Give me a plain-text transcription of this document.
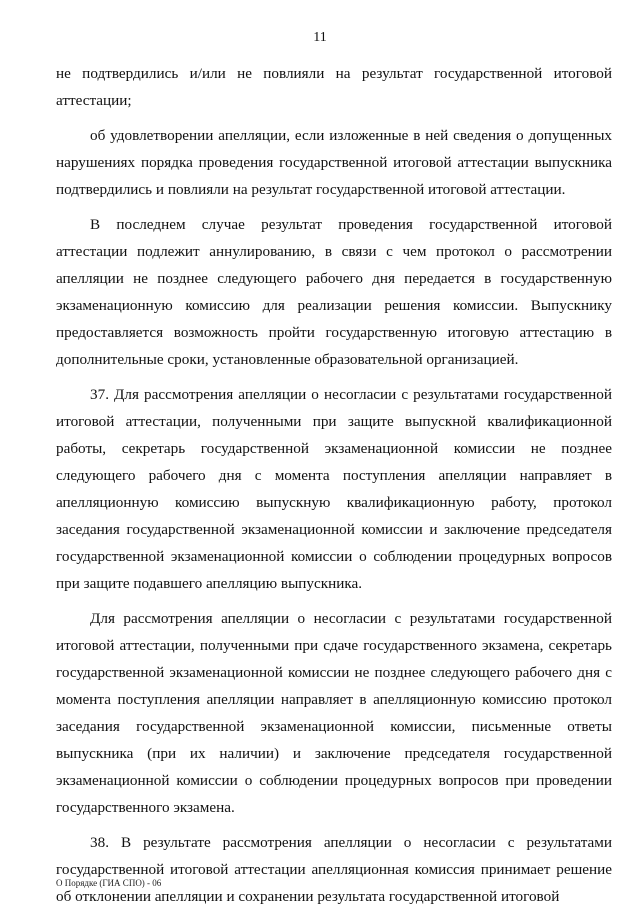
11

не подтвердились и/или не повлияли на результат государственной итоговой аттестации;

об удовлетворении апелляции, если изложенные в ней сведения о допущенных нарушениях порядка проведения государственной итоговой аттестации выпускника подтвердились и повлияли на результат государственной итоговой аттестации.

В последнем случае результат проведения государственной итоговой аттестации подлежит аннулированию, в связи с чем протокол о рассмотрении апелляции не позднее следующего рабочего дня передается в государственную экзаменационную комиссию для реализации решения комиссии. Выпускнику предоставляется возможность пройти государственную итоговую аттестацию в дополнительные сроки, установленные образовательной организацией.

37. Для рассмотрения апелляции о несогласии с результатами государственной итоговой аттестации, полученными при защите выпускной квалификационной работы, секретарь государственной экзаменационной комиссии не позднее следующего рабочего дня с момента поступления апелляции направляет в апелляционную комиссию выпускную квалификационную работу, протокол заседания государственной экзаменационной комиссии и заключение председателя государственной экзаменационной комиссии о соблюдении процедурных вопросов при защите подавшего апелляцию выпускника.

Для рассмотрения апелляции о несогласии с результатами государственной итоговой аттестации, полученными при сдаче государственного экзамена, секретарь государственной экзаменационной комиссии не позднее следующего рабочего дня с момента поступления апелляции направляет в апелляционную комиссию протокол заседания государственной экзаменационной комиссии, письменные ответы выпускника (при их наличии) и заключение председателя государственной экзаменационной комиссии о соблюдении процедурных вопросов при проведении государственного экзамена.

38. В результате рассмотрения апелляции о несогласии с результатами государственной итоговой аттестации апелляционная комиссия принимает решение об отклонении апелляции и сохранении результата государственной итоговой

О Порядке (ГИА СПО) - 06
